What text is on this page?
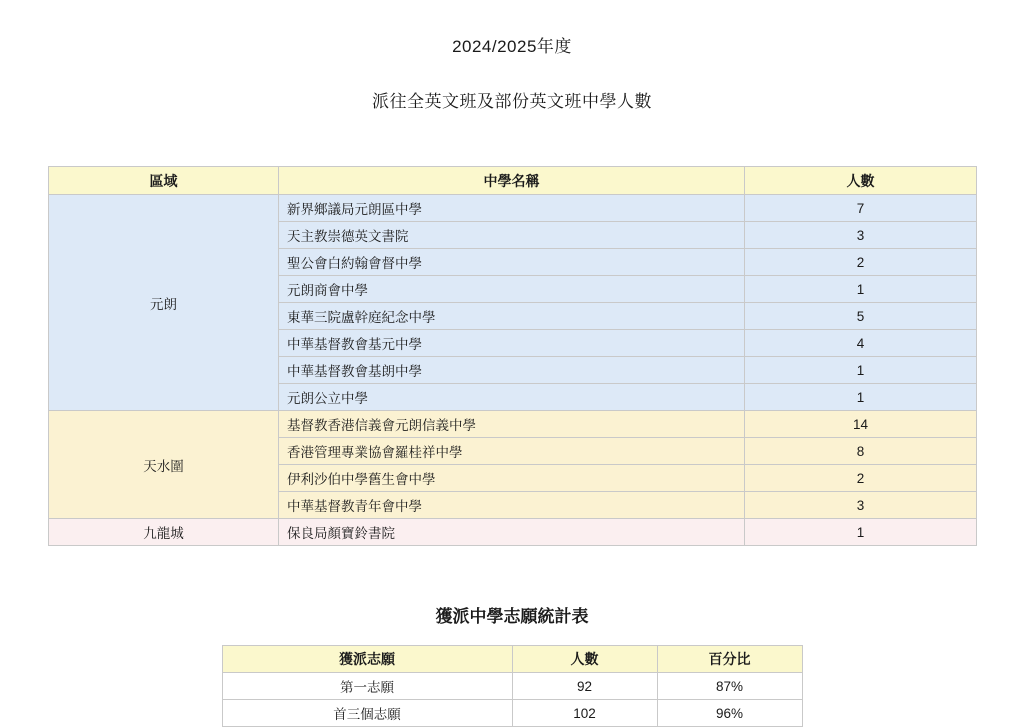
2024/2025年度
派往全英文班及部份英文班中學人數
區域	中學名稱	人數
元朗	新界鄉議局元朗區中學	7
	天主教崇德英文書院	3
	聖公會白約翰會督中學	2
	元朗商會中學	1
	東華三院盧幹庭紀念中學	5
	中華基督教會基元中學	4
	中華基督教會基朗中學	1
	元朗公立中學	1
天水圍	基督教香港信義會元朗信義中學	14
	香港管理專業協會羅桂祥中學	8
	伊利沙伯中學舊生會中學	2
	中華基督教青年會中學	3
九龍城	保良局顏寶鈴書院	1
獲派中學志願統計表
獲派志願	人數	百分比
第一志願	92	87%
首三個志願	102	96%
